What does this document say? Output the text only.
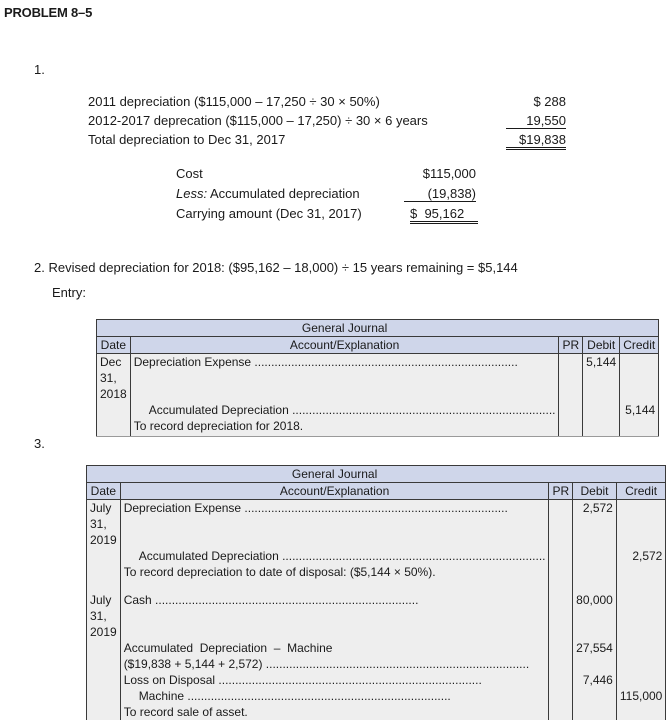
PROBLEM 8–5
1.
2011 depreciation ($115,000 – 17,250 ÷ 30 × 50%)	$ 288
2012-2017 deprecation ($115,000 – 17,250) ÷ 30 × 6 years	19,550
Total depreciation to Dec 31, 2017	$19,838
Cost	$115,000
Less: Accumulated depreciation	(19,838)
Carrying amount (Dec 31, 2017)	$  95,162
2. Revised depreciation for 2018: ($95,162 – 18,000) ÷ 15 years remaining = $5,144
Entry:
	General Journal			
Date	Account/Explanation	PR	Debit	Credit
Dec 31, 2018	Depreciation Expense .....		5,144	

	Accumulated Depreciation .....			5,144
	To record depreciation for 2018.			
3.
	General Journal			
Date	Account/Explanation	PR	Debit	Credit
July 31, 2019	Depreciation Expense .....		2,572	

	Accumulated Depreciation .....			2,572
	To record depreciation to date of disposal: ($5,144 × 50%).			

July 31, 2019	Cash .....		80,000	
	Accumulated  Depreciation  –  Machine		27,554	

	($19,838 + 5,144 + 2,572) .....

	Loss on Disposal .....		7,446	

	Machine .....			115,000
	To record sale of asset.			
